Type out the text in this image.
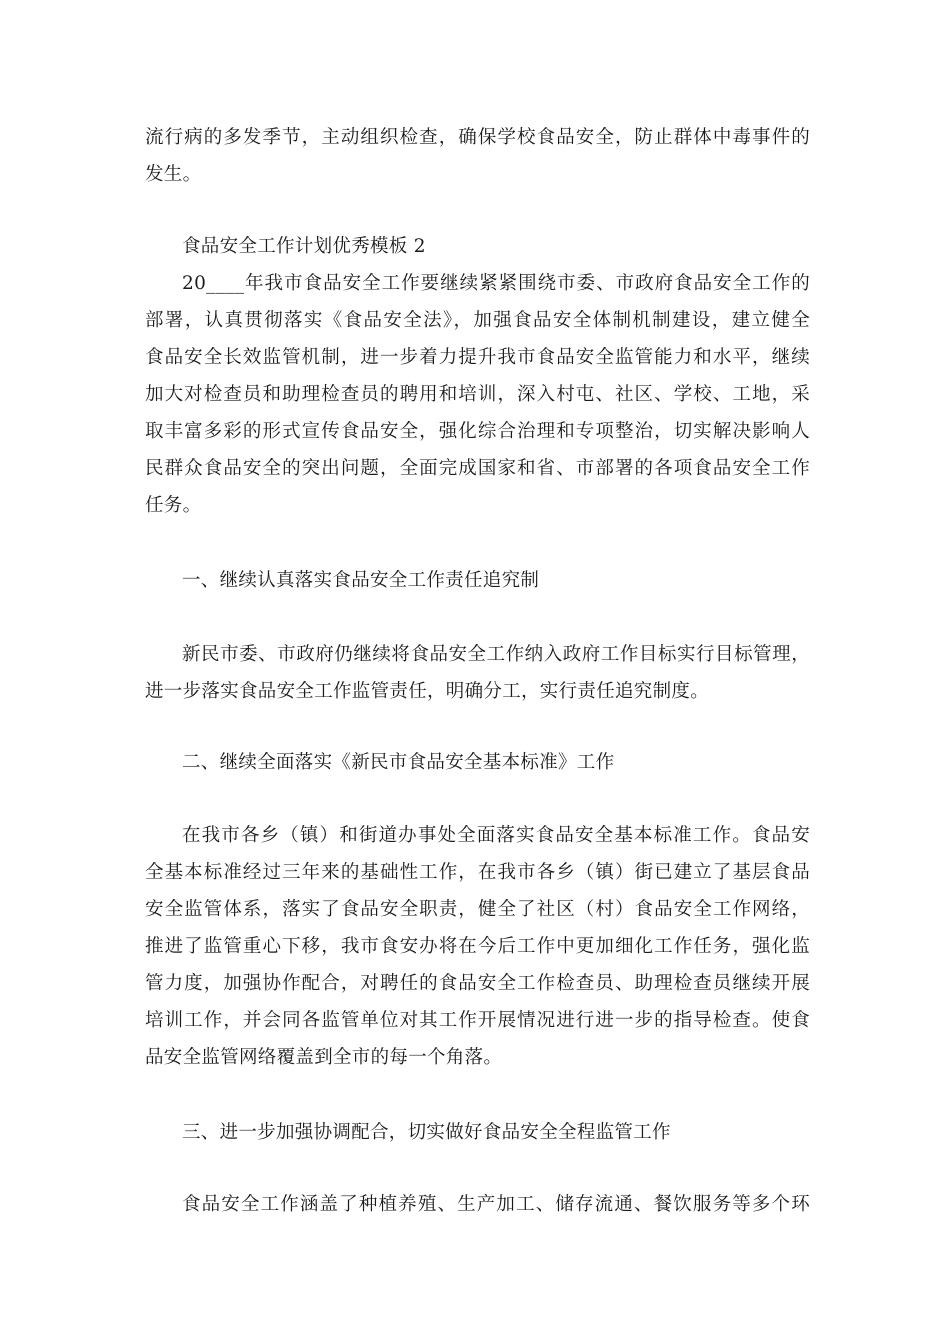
流行病的多发季节，主动组织检查，确保学校食品安全，防止群体中毒事件的
发生。
食品安全工作计划优秀模板 2
20____年我市食品安全工作要继续紧紧围绕市委、市政府食品安全工作的
部署，认真贯彻落实《食品安全法》，加强食品安全体制机制建设，建立健全
食品安全长效监管机制，进一步着力提升我市食品安全监管能力和水平，继续
加大对检查员和助理检查员的聘用和培训，深入村屯、社区、学校、工地，采
取丰富多彩的形式宣传食品安全，强化综合治理和专项整治，切实解决影响人
民群众食品安全的突出问题，全面完成国家和省、市部署的各项食品安全工作
任务。
一、继续认真落实食品安全工作责任追究制
新民市委、市政府仍继续将食品安全工作纳入政府工作目标实行目标管理，
进一步落实食品安全工作监管责任，明确分工，实行责任追究制度。
二、继续全面落实《新民市食品安全基本标准》工作
在我市各乡（镇）和街道办事处全面落实食品安全基本标准工作。食品安
全基本标准经过三年来的基础性工作，在我市各乡（镇）街已建立了基层食品
安全监管体系，落实了食品安全职责，健全了社区（村）食品安全工作网络，
推进了监管重心下移，我市食安办将在今后工作中更加细化工作任务，强化监
管力度，加强协作配合，对聘任的食品安全工作检查员、助理检查员继续开展
培训工作，并会同各监管单位对其工作开展情况进行进一步的指导检查。使食
品安全监管网络覆盖到全市的每一个角落。
三、进一步加强协调配合，切实做好食品安全全程监管工作
食品安全工作涵盖了种植养殖、生产加工、储存流通、餐饮服务等多个环
